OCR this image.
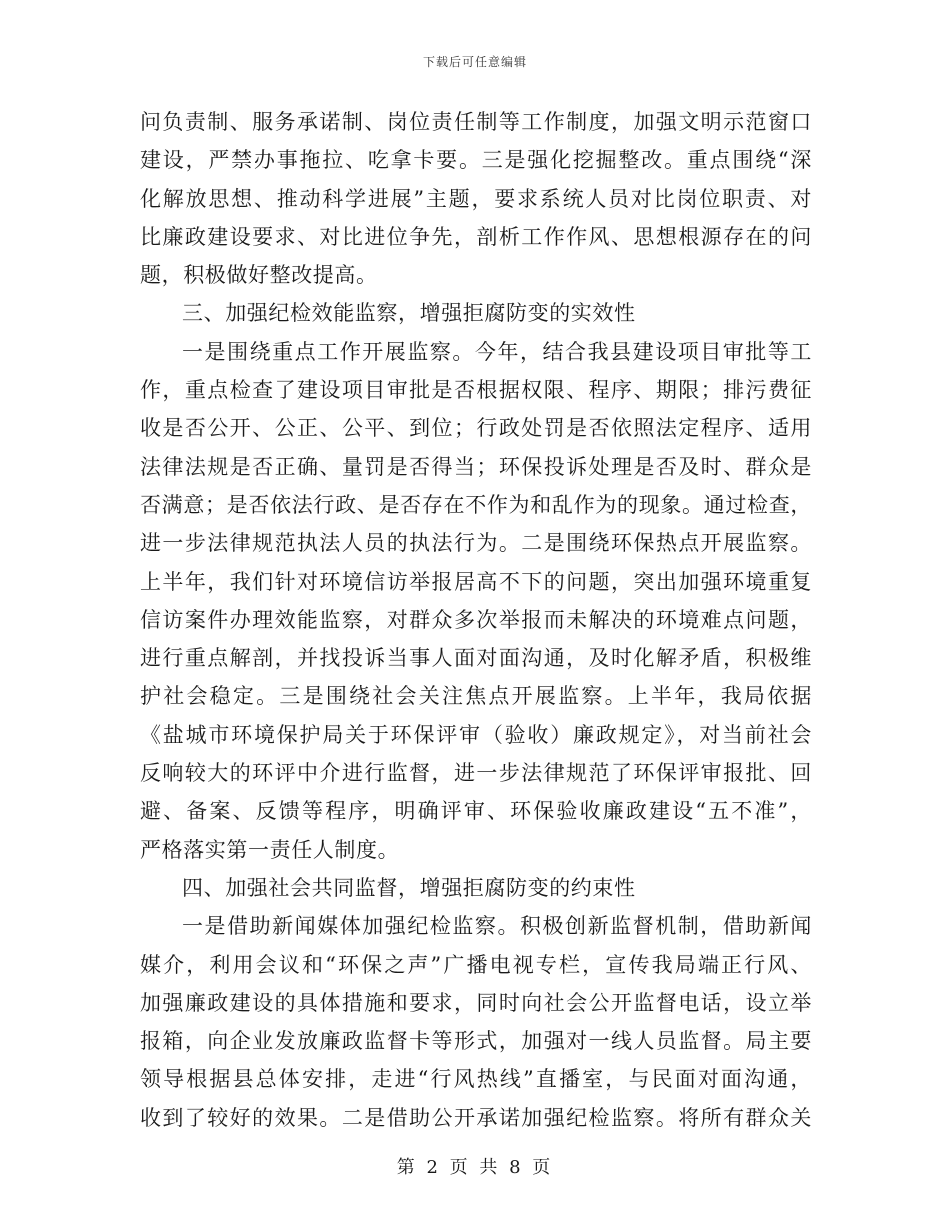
下载后可任意编辑
问负责制、服务承诺制、岗位责任制等工作制度，加强文明示范窗口
建设，严禁办事拖拉、吃拿卡要。三是强化挖掘整改。重点围绕“深
化解放思想、推动科学进展”主题，要求系统人员对比岗位职责、对
比廉政建设要求、对比进位争先，剖析工作作风、思想根源存在的问
题，积极做好整改提高。
三、加强纪检效能监察，增强拒腐防变的实效性
一是围绕重点工作开展监察。今年，结合我县建设项目审批等工
作，重点检查了建设项目审批是否根据权限、程序、期限；排污费征
收是否公开、公正、公平、到位；行政处罚是否依照法定程序、适用
法律法规是否正确、量罚是否得当；环保投诉处理是否及时、群众是
否满意；是否依法行政、是否存在不作为和乱作为的现象。通过检查，
进一步法律规范执法人员的执法行为。二是围绕环保热点开展监察。
上半年，我们针对环境信访举报居高不下的问题，突出加强环境重复
信访案件办理效能监察，对群众多次举报而未解决的环境难点问题，
进行重点解剖，并找投诉当事人面对面沟通，及时化解矛盾，积极维
护社会稳定。三是围绕社会关注焦点开展监察。上半年，我局依据
《盐城市环境保护局关于环保评审（验收）廉政规定》，对当前社会
反响较大的环评中介进行监督，进一步法律规范了环保评审报批、回
避、备案、反馈等程序，明确评审、环保验收廉政建设“五不准”，
严格落实第一责任人制度。
四、加强社会共同监督，增强拒腐防变的约束性
一是借助新闻媒体加强纪检监察。积极创新监督机制，借助新闻
媒介，利用会议和“环保之声”广播电视专栏，宣传我局端正行风、
加强廉政建设的具体措施和要求，同时向社会公开监督电话，设立举
报箱，向企业发放廉政监督卡等形式，加强对一线人员监督。局主要
领导根据县总体安排，走进“行风热线”直播室，与民面对面沟通，
收到了较好的效果。二是借助公开承诺加强纪检监察。将所有群众关
第 2 页 共 8 页
